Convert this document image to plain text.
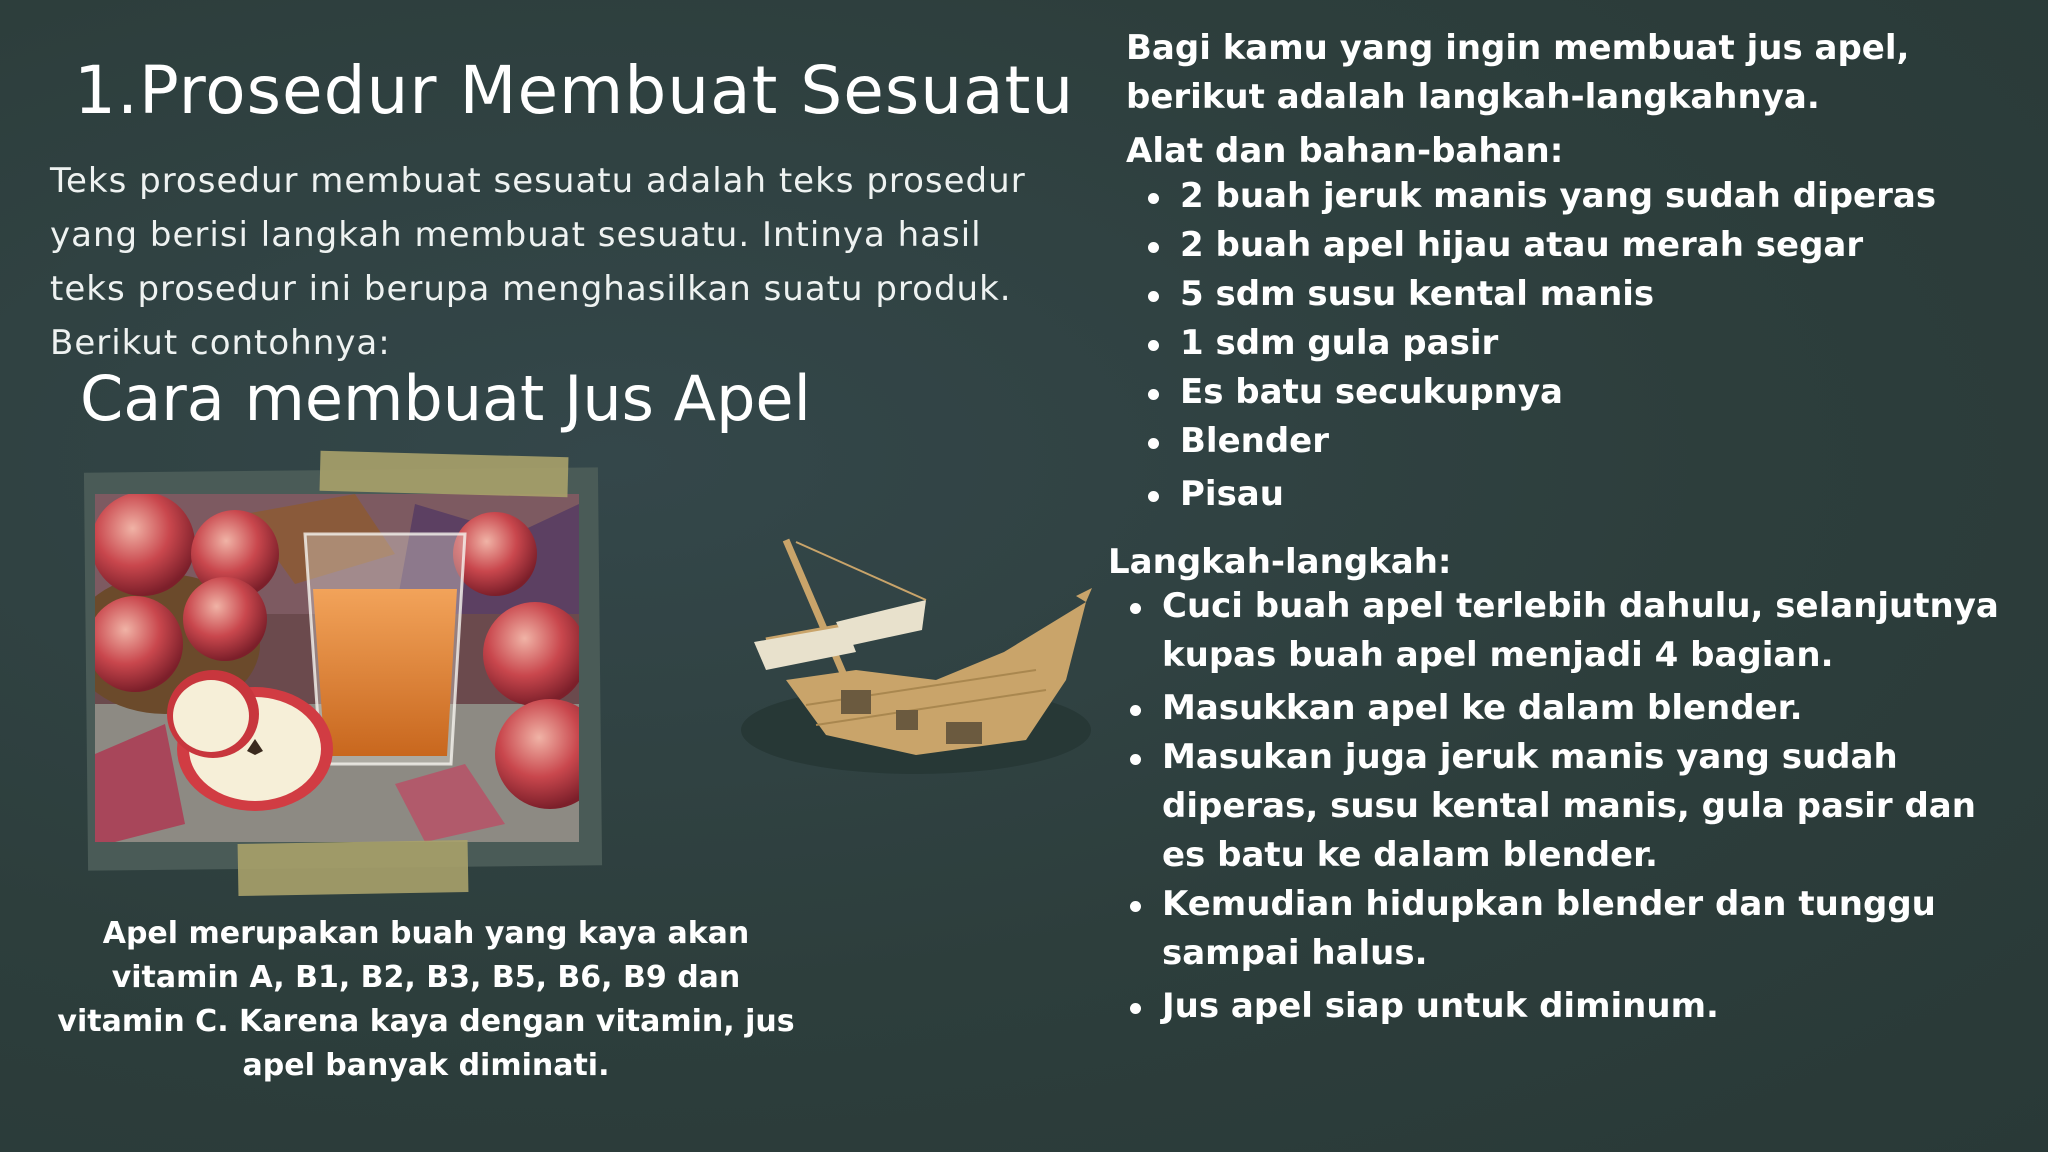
1.Prosedur Membuat Sesuatu
Teks prosedur membuat sesuatu adalah teks prosedur yang berisi langkah membuat sesuatu. Intinya hasil teks prosedur ini berupa menghasilkan suatu produk. Berikut contohnya:
Cara membuat Jus Apel
Apel merupakan buah yang kaya akan vitamin A, B1, B2, B3, B5, B6, B9 dan vitamin C. Karena kaya dengan vitamin, jus apel banyak diminati.
Bagi kamu yang ingin membuat jus apel, berikut adalah langkah-langkahnya.
Alat dan bahan-bahan:
2 buah jeruk manis yang sudah diperas
2 buah apel hijau atau merah segar
5 sdm susu kental manis
1 sdm gula pasir
Es batu secukupnya
Blender
Pisau
Langkah-langkah:
Cuci buah apel terlebih dahulu, selanjutnya kupas buah apel menjadi 4 bagian.
Masukkan apel ke dalam blender.
Masukan juga jeruk manis yang sudah diperas, susu kental manis, gula pasir dan es batu ke dalam blender.
Kemudian hidupkan blender dan tunggu sampai halus.
Jus apel siap untuk diminum.
